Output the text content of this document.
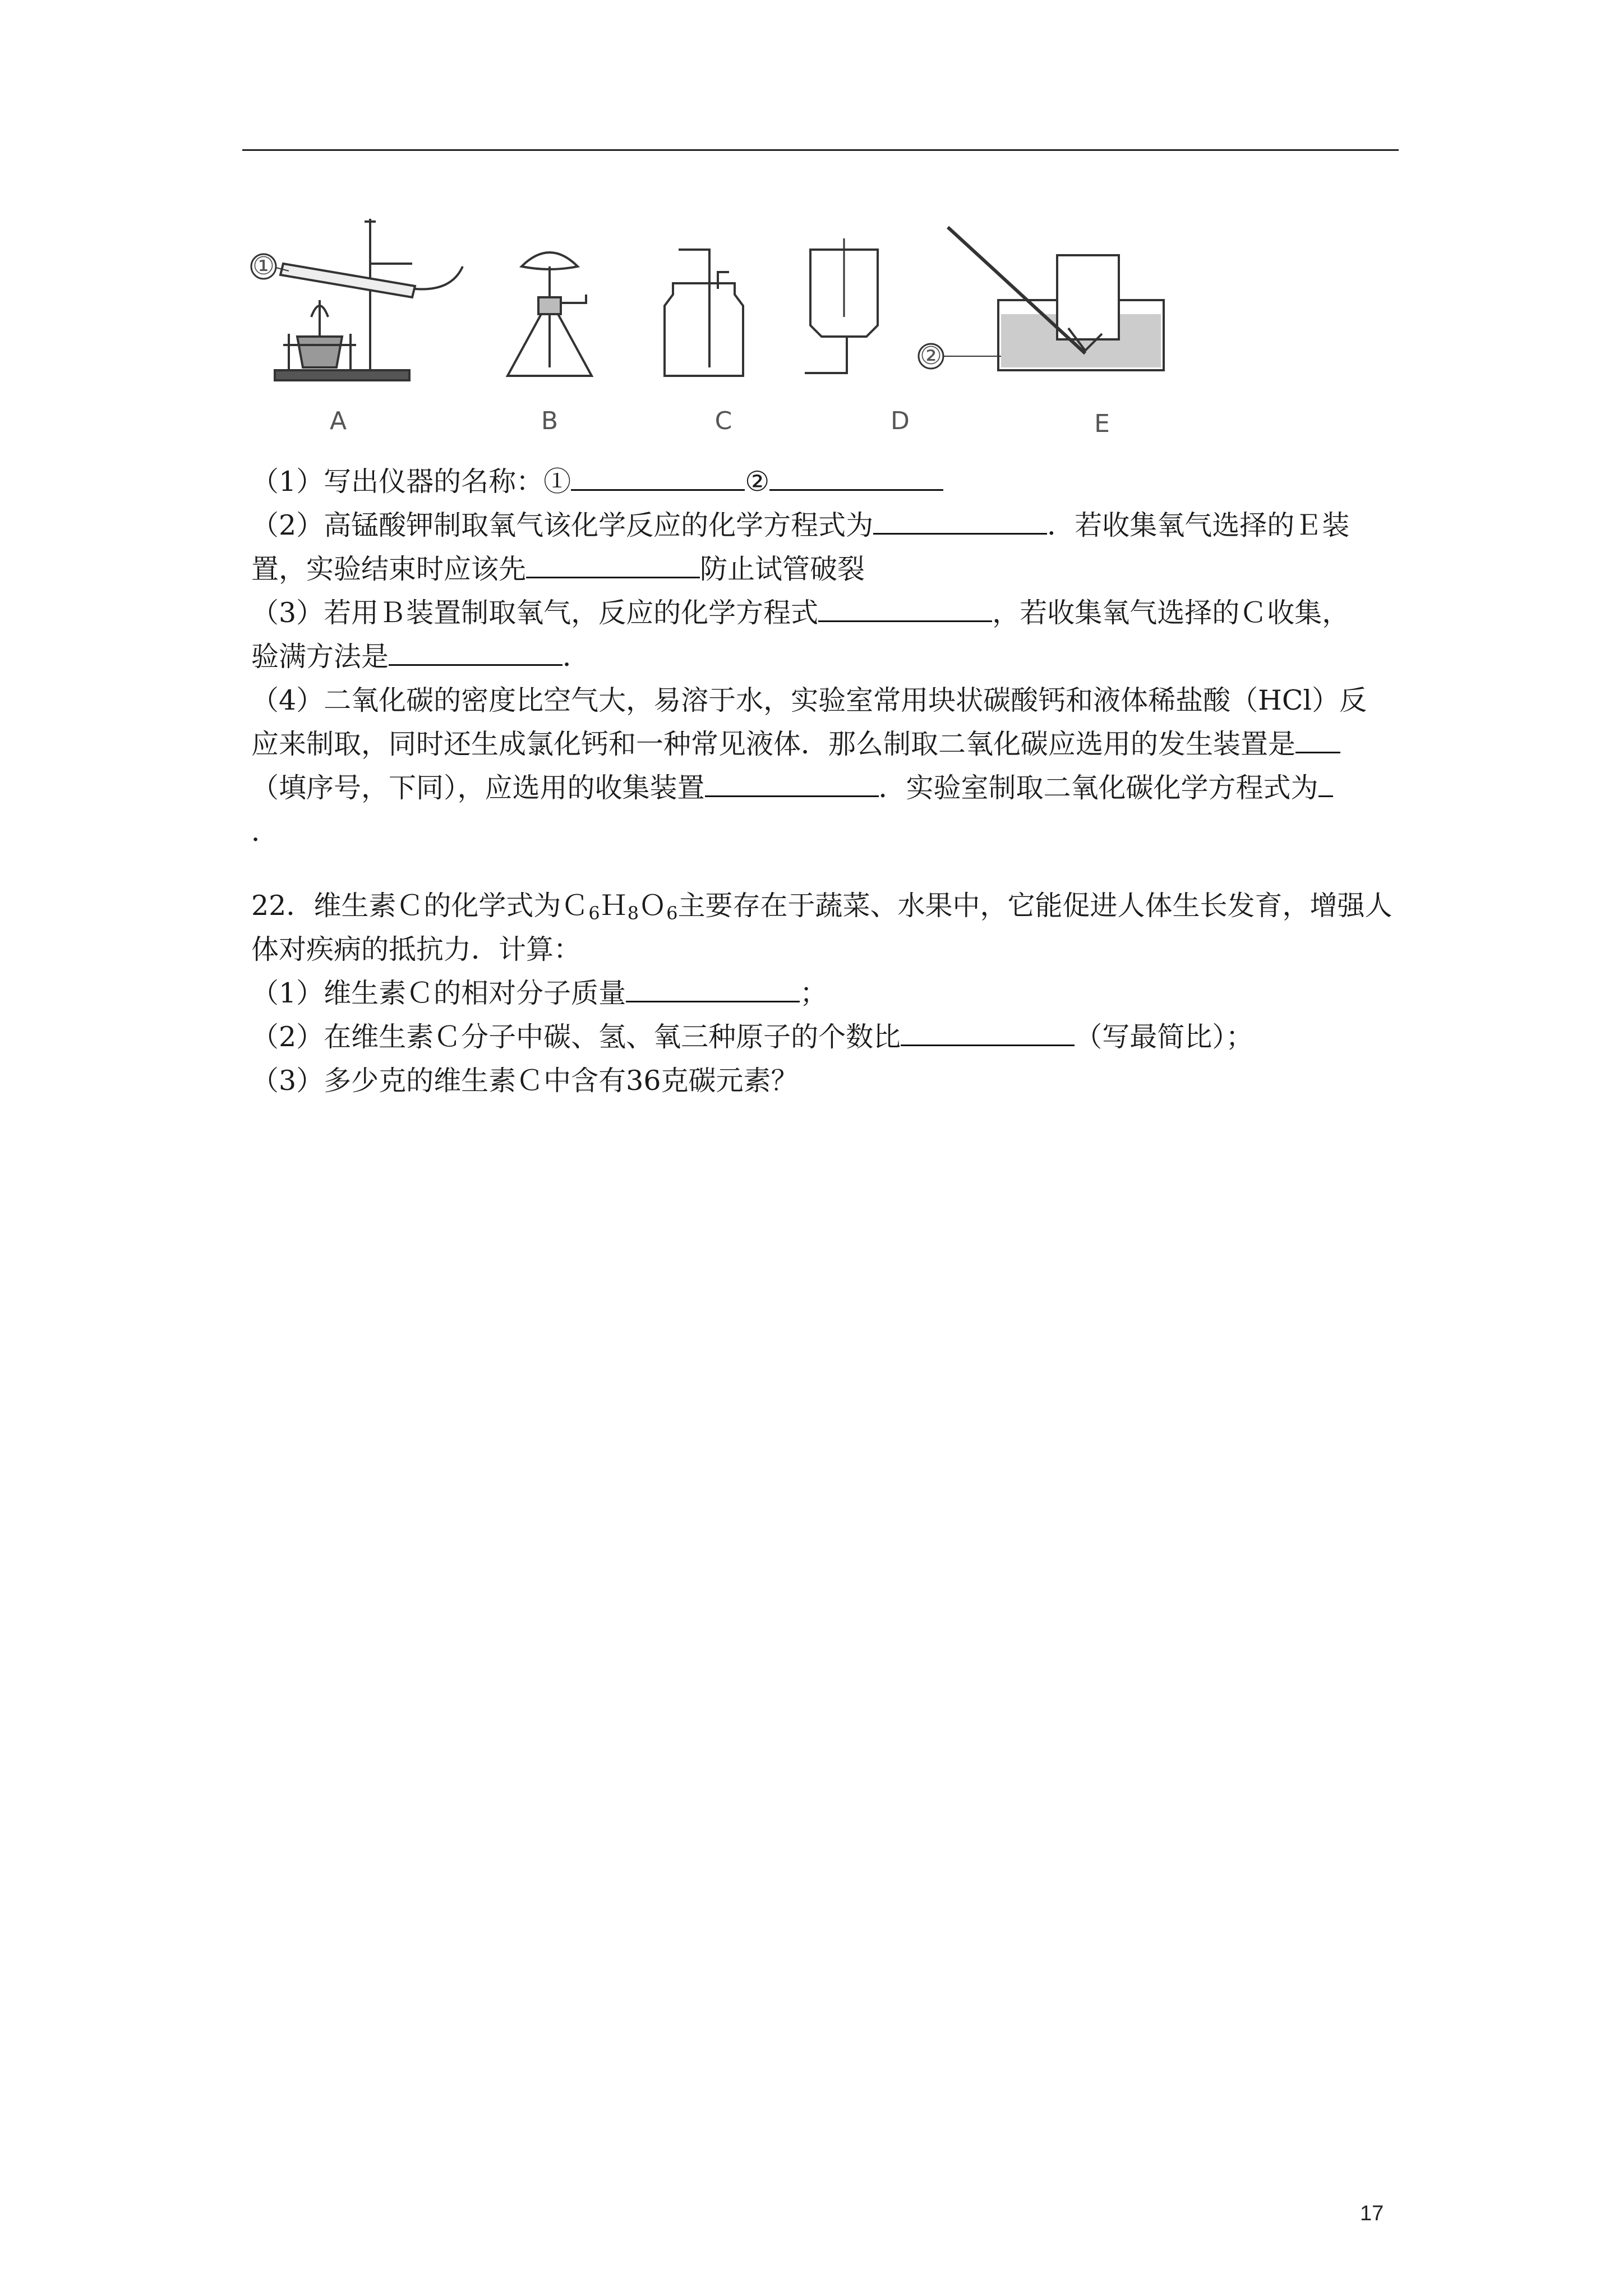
A	B	C	D	E
①
②
（1）写出仪器的名称：①	②
（2）高锰酸钾制取氧气该化学反应的化学方程式为	．若收集氧气选择的Ｅ装
置，实验结束时应该先	防止试管破裂
（3）若用Ｂ装置制取氧气，反应的化学方程式	，若收集氧气选择的Ｃ收集，
验满方法是	．
（4）二氧化碳的密度比空气大，易溶于水，实验室常用块状碳酸钙和液体稀盐酸（HCl）反
应来制取，同时还生成氯化钙和一种常见液体．那么制取二氧化碳应选用的发生装置是
（填序号，下同），应选用的收集装置	．实验室制取二氧化碳化学方程式为
．
22．维生素Ｃ的化学式为Ｃ$_6$Ｈ$_8$Ｏ$_6$主要存在于蔬菜、水果中，它能促进人体生长发育，增强人
体对疾病的抵抗力．计算：
（1）维生素Ｃ的相对分子质量	；
（2）在维生素Ｃ分子中碳、氢、氧三种原子的个数比	（写最简比）；
（3）多少克的维生素Ｃ中含有36克碳元素？
17
